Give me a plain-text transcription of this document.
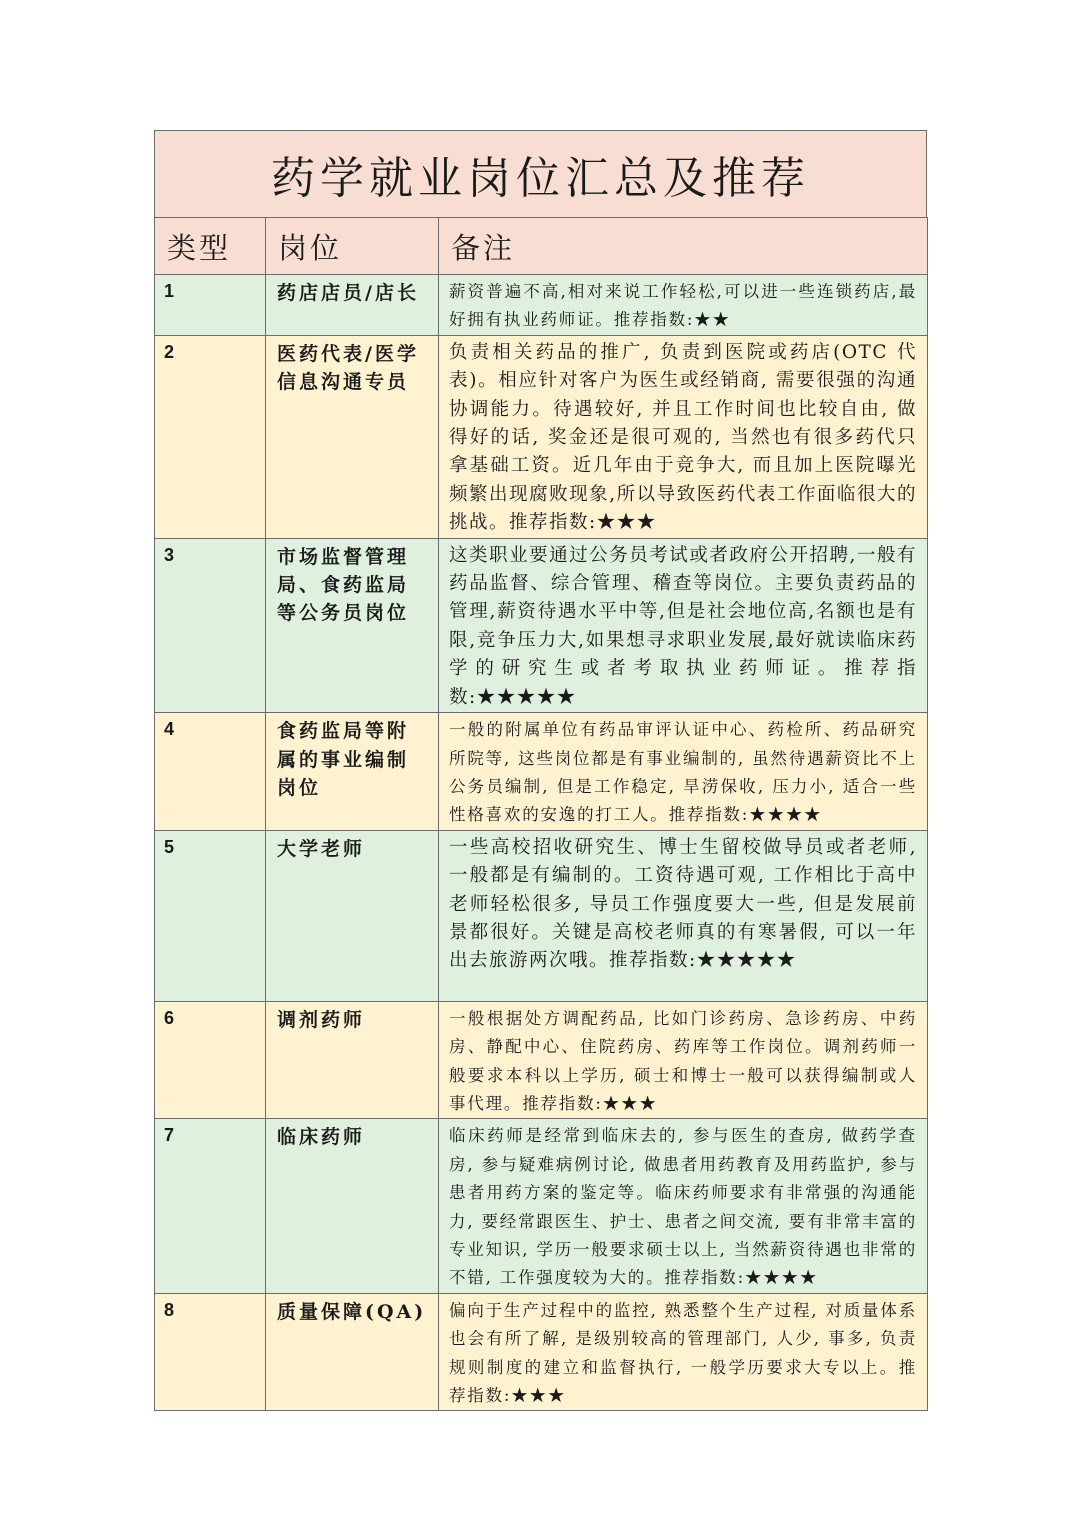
药学就业岗位汇总及推荐
类型	岗位	备注
1	药店店员/店长	薪资普遍不高,相对来说工作轻松,可以进一些连锁药店,最好拥有执业药师证。推荐指数:★★
2	医药代表/医学信息沟通专员	负责相关药品的推广, 负责到医院或药店(OTC 代表)。相应针对客户为医生或经销商, 需要很强的沟通协调能力。待遇较好, 并且工作时间也比较自由, 做得好的话, 奖金还是很可观的, 当然也有很多药代只拿基础工资。近几年由于竞争大, 而且加上医院曝光频繁出现腐败现象,所以导致医药代表工作面临很大的挑战。推荐指数:★★★
3	市场监督管理局、食药监局等公务员岗位	这类职业要通过公务员考试或者政府公开招聘,一般有药品监督、综合管理、稽查等岗位。主要负责药品的管理,薪资待遇水平中等,但是社会地位高,名额也是有限,竞争压力大,如果想寻求职业发展,最好就读临床药学的研究生或者考取执业药师证。推荐指数:★★★★★
4	食药监局等附属的事业编制岗位	一般的附属单位有药品审评认证中心、药检所、药品研究所院等, 这些岗位都是有事业编制的, 虽然待遇薪资比不上公务员编制, 但是工作稳定, 旱涝保收, 压力小, 适合一些性格喜欢的安逸的打工人。推荐指数:★★★★
5	大学老师	一些高校招收研究生、博士生留校做导员或者老师, 一般都是有编制的。工资待遇可观, 工作相比于高中老师轻松很多, 导员工作强度要大一些, 但是发展前景都很好。关键是高校老师真的有寒暑假, 可以一年出去旅游两次哦。推荐指数:★★★★★
6	调剂药师	一般根据处方调配药品, 比如门诊药房、急诊药房、中药房、静配中心、住院药房、药库等工作岗位。调剂药师一般要求本科以上学历, 硕士和博士一般可以获得编制或人事代理。推荐指数:★★★
7	临床药师	临床药师是经常到临床去的, 参与医生的查房, 做药学查房, 参与疑难病例讨论, 做患者用药教育及用药监护, 参与患者用药方案的鉴定等。临床药师要求有非常强的沟通能力, 要经常跟医生、护士、患者之间交流, 要有非常丰富的专业知识, 学历一般要求硕士以上, 当然薪资待遇也非常的不错, 工作强度较为大的。推荐指数:★★★★
8	质量保障(QA)	偏向于生产过程中的监控, 熟悉整个生产过程, 对质量体系也会有所了解, 是级别较高的管理部门, 人少, 事多, 负责规则制度的建立和监督执行, 一般学历要求大专以上。推荐指数:★★★
